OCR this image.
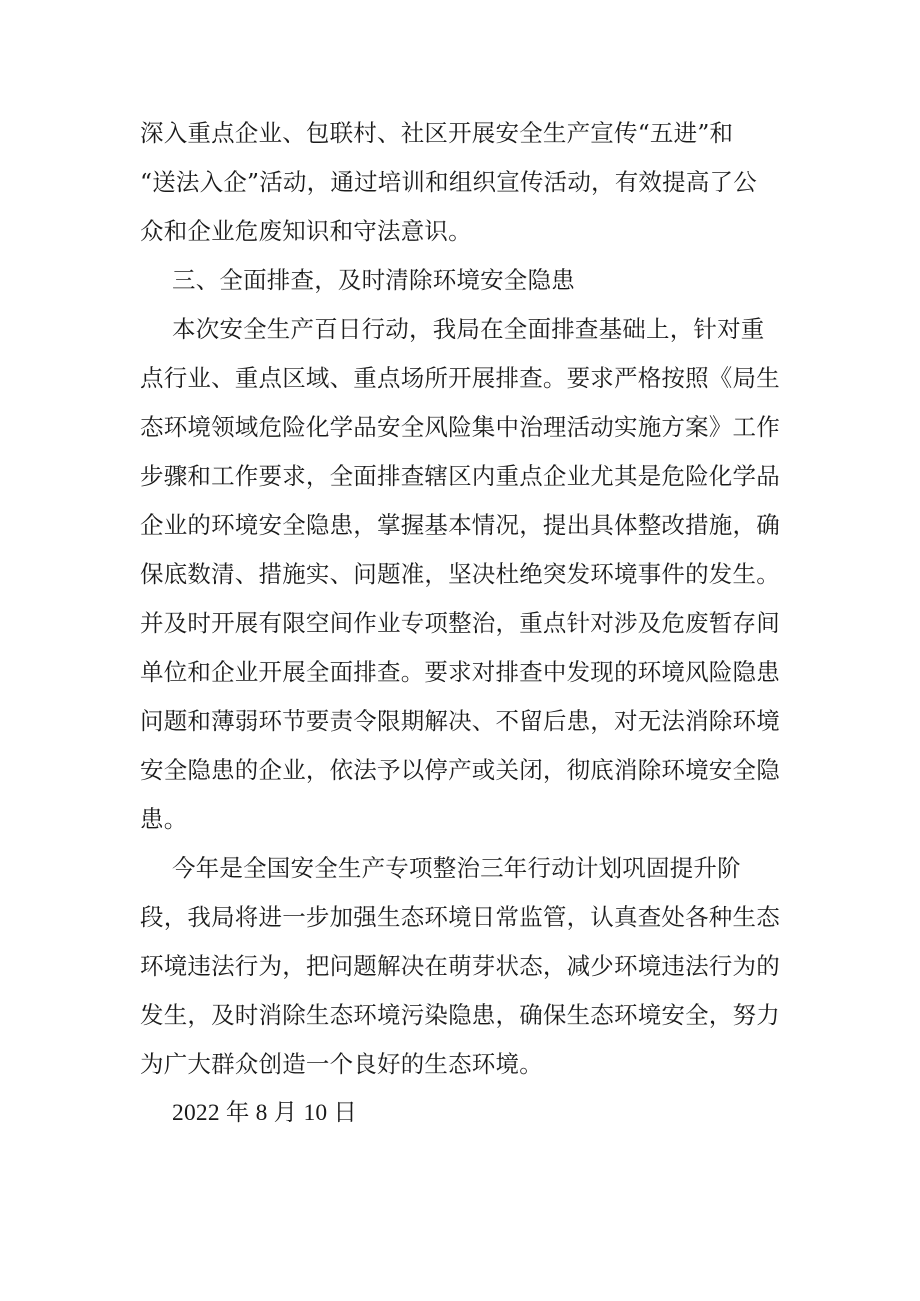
深入重点企业、包联村、社区开展安全生产宣传“五进”和
“送法入企”活动，通过培训和组织宣传活动，有效提高了公
众和企业危废知识和守法意识。
三、全面排查，及时清除环境安全隐患
本次安全生产百日行动，我局在全面排查基础上，针对重
点行业、重点区域、重点场所开展排查。要求严格按照《局生
态环境领域危险化学品安全风险集中治理活动实施方案》工作
步骤和工作要求，全面排查辖区内重点企业尤其是危险化学品
企业的环境安全隐患，掌握基本情况，提出具体整改措施，确
保底数清、措施实、问题准，坚决杜绝突发环境事件的发生。
并及时开展有限空间作业专项整治，重点针对涉及危废暂存间
单位和企业开展全面排查。要求对排查中发现的环境风险隐患
问题和薄弱环节要责令限期解决、不留后患，对无法消除环境
安全隐患的企业，依法予以停产或关闭，彻底消除环境安全隐
患。
今年是全国安全生产专项整治三年行动计划巩固提升阶
段，我局将进一步加强生态环境日常监管，认真查处各种生态
环境违法行为，把问题解决在萌芽状态，减少环境违法行为的
发生，及时消除生态环境污染隐患，确保生态环境安全，努力
为广大群众创造一个良好的生态环境。
2022 年 8 月 10 日
